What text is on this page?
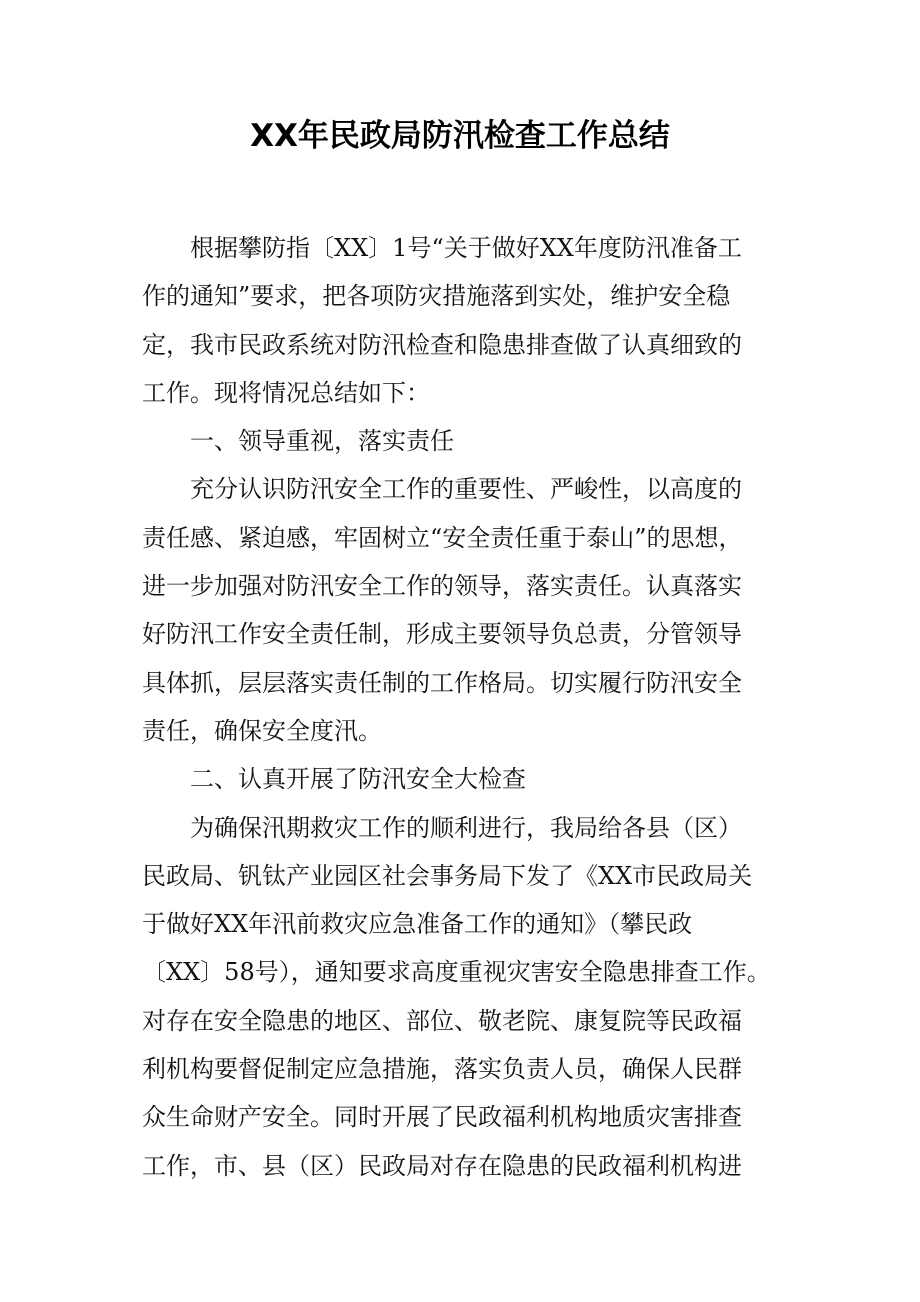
XX年民政局防汛检查工作总结
根据攀防指〔XX〕1号“关于做好XX年度防汛准备工
作的通知”要求，把各项防灾措施落到实处，维护安全稳
定，我市民政系统对防汛检查和隐患排查做了认真细致的
工作。现将情况总结如下：
一、领导重视，落实责任
充分认识防汛安全工作的重要性、严峻性，以高度的
责任感、紧迫感，牢固树立“安全责任重于泰山”的思想，
进一步加强对防汛安全工作的领导，落实责任。认真落实
好防汛工作安全责任制，形成主要领导负总责，分管领导
具体抓，层层落实责任制的工作格局。切实履行防汛安全
责任，确保安全度汛。
二、认真开展了防汛安全大检查
为确保汛期救灾工作的顺利进行，我局给各县（区）
民政局、钒钛产业园区社会事务局下发了《XX市民政局关
于做好XX年汛前救灾应急准备工作的通知》（攀民政
〔XX〕58号），通知要求高度重视灾害安全隐患排查工作。
对存在安全隐患的地区、部位、敬老院、康复院等民政福
利机构要督促制定应急措施，落实负责人员，确保人民群
众生命财产安全。同时开展了民政福利机构地质灾害排查
工作，市、县（区）民政局对存在隐患的民政福利机构进
